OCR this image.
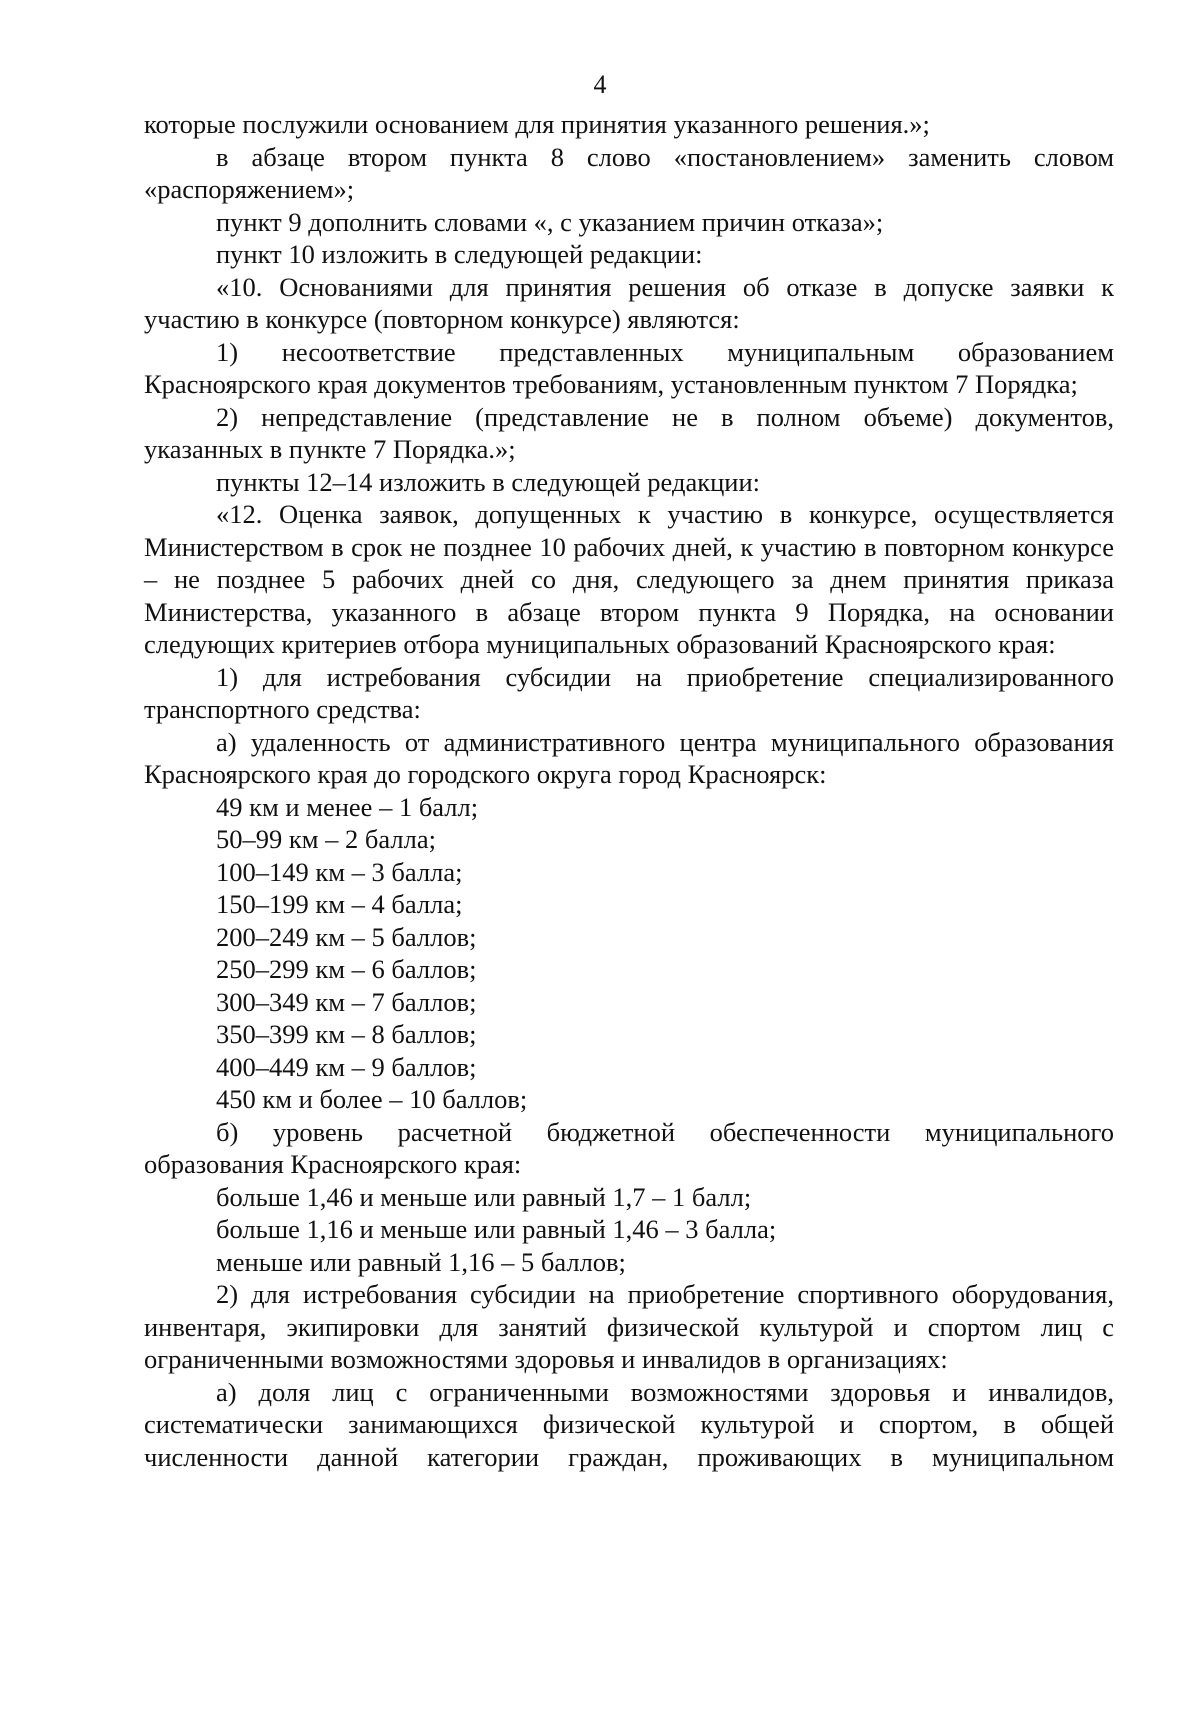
4

которые послужили основанием для принятия указанного решения.»;

в абзаце втором пункта 8 слово «постановлением» заменить словом «распоряжением»;

пункт 9 дополнить словами «, с указанием причин отказа»;

пункт 10 изложить в следующей редакции:

«10. Основаниями для принятия решения об отказе в допуске заявки к участию в конкурсе (повторном конкурсе) являются:

1) несоответствие представленных муниципальным образованием Красноярского края документов требованиям, установленным пунктом 7 Порядка;

2) непредставление (представление не в полном объеме) документов, указанных в пункте 7 Порядка.»;

пункты 12–14 изложить в следующей редакции:

«12. Оценка заявок, допущенных к участию в конкурсе, осуществляется Министерством в срок не позднее 10 рабочих дней, к участию в повторном конкурсе – не позднее 5 рабочих дней со дня, следующего за днем принятия приказа Министерства, указанного в абзаце втором пункта 9 Порядка, на основании следующих критериев отбора муниципальных образований Красноярского края:

1) для истребования субсидии на приобретение специализированного транспортного средства:

а) удаленность от административного центра муниципального образования Красноярского края до городского округа город Красноярск:

49 км и менее – 1 балл;

50–99 км – 2 балла;

100–149 км – 3 балла;

150–199 км – 4 балла;

200–249 км – 5 баллов;

250–299 км – 6 баллов;

300–349 км – 7 баллов;

350–399 км – 8 баллов;

400–449 км – 9 баллов;

450 км и более – 10 баллов;

б) уровень расчетной бюджетной обеспеченности муниципального образования Красноярского края:

больше 1,46 и меньше или равный 1,7 – 1 балл;

больше 1,16 и меньше или равный 1,46 – 3 балла;

меньше или равный 1,16 – 5 баллов;

2) для истребования субсидии на приобретение спортивного оборудования, инвентаря, экипировки для занятий физической культурой и спортом лиц с ограниченными возможностями здоровья и инвалидов в организациях:

а) доля лиц с ограниченными возможностями здоровья и инвалидов, систематически занимающихся физической культурой и спортом, в общей численности данной категории граждан, проживающих в муниципальном
